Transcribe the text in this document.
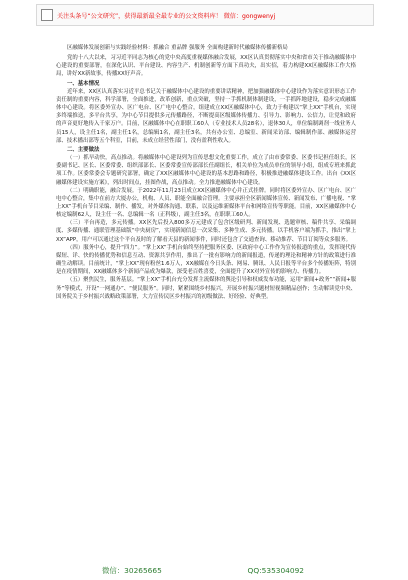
关注头条号“公文研究”，获得最新最全最专业的公文资料库！ 微信：gongwenyj

区融媒体发展创新与实践经验材料：抓融合 重品牌 强服务 全面构建新时代融媒体传播新格局

党的十八大以来，习习近平同志为核心的党中央高度重视媒体融合发展，XX区认真贯彻落实中央和省市关于推动融媒体中心建设的重要部署，在深化认识、平台建设、内容生产、机制创新等方面下真功夫，出实招，着力构建XX区融媒体工作大格局，讲好XX新故事，传播XX好声音。

一、基本情况

近年来，XX区认真落实习近平总书记关于融媒体中心建设的重要讲话精神，把加强融媒体中心建设作为落实意识形态工作责任制的重要内容，科学部署，全面推进，改革创新，重点突破，坚持一手抓机制体制建设，一手抓阵地建设，稳步完成融媒体中心建设。将区委外宣办、区广电台、区广电中心整合，组建成立XX区融媒体中心，致力于构建以“掌上XX”手机台，实现多终端推送，多平台共享，为中心节目提供多元传播路径，不断提高区级媒体传播力、引导力、影响力、公信力，让党和政府的声音更好地传入千家万户。目前，区融媒体中心在职职工60人（专业技术人员28名），退休30人，单位编制调剂一线业务人员15人，设主任1名，副主任1名，总编辑1名，副主任3名，共有办公室、总编室、新闻采访部、编辑制作部、融媒体运营部、技术播出部等五个科室，目前，未成立经营性部门，没有盈利性收入。

二、主要做法

（一）抓早动快，高点推动。将融媒体中心建设列为宣传思想文化重要工作，成立了由市委常委、区委书记担任组长，区委副书记、区长、区委常委、组织部部长、区委常委宣传部部长任副组长，相关单位为成员单位的领导小组，组成专班来抓此项工作。区委常委会专题研究部署，确定了XX区融媒体中心建设的基本思路和路径，积极推进融媒体建设工作。出台《XX区融媒体建设实施方案》，列出时间点，挂图作战，高点推动。全力推进融媒体中心建设。

（二）明确职能，融合发展。于2022年11月23日成立XX区融媒体中心并正式挂牌。同时将区委外宣办、区广电台、区广电中心整合，集中在前方大厦办公，机构、人员、职能全面融合管理。主要承担全区新闻媒体宣传、新闻发布、广播电视、“掌上XX”手机台节目采编、制作、播发，对外媒体沟通、联系，以及运维新媒体平台和网络宣传等职能。目前，XX区融媒体中心核定编制62人，设主任一名、总编辑一名（正科级），副主任3名，在职职工60人。

（三）平台再造，多元传播。XX区先后投入800多万元建成了包含区级研判、新闻发现、选题审核、稿件共享、采编调度、多媒传播、通联管理基础版“中央厨房”，实现新闻信息一次采集、多种生成、多元传播。以手机客户端为抓手，推出“掌上XX”APP，用户可以通过这个平台及时的了解看天县的新闻事件，同时还包含了交通查询、移动推荐、节目订阅等众多服务。

（四）服务中心，提升“四力”。“掌上XX”手机台始终坚持把服务区委、区政府中心工作作为宣传报道的重点，发挥现代传媒短、详、快的传播优势和信息互动、资源共享作用，推出了一批有影响力的新闻报道，传递的理论和精神方针的政策进行准确生动解读。目前统计，“掌上XX”现有粉丝1.6万人，XX融媒在今日头条、网易、腾讯、人民日报等平台多个传播矩阵，特别是在疫情期间，XX融媒体多个新闻产品成为爆款，深受老百姓喜爱，全面提升了XX对外宣传的影响力、传播力。

（五）聚焦民生，服务基层。“掌上XX”手机台充分发挥主流媒体的舆论引导和权威发布功能，运用“新闻+政务”“新闻+服务”等模式，开设“一网通办”、“便民服务”。同时，紧紧围绕乡村振兴，开展乡村振兴题材短视频精品创作；生动解读党中央、国务院关于乡村振兴战略政策部署，大力宣传民区乡村振兴的初级做法、好经验、好典型。

微信：30265665	QQ:535304092
